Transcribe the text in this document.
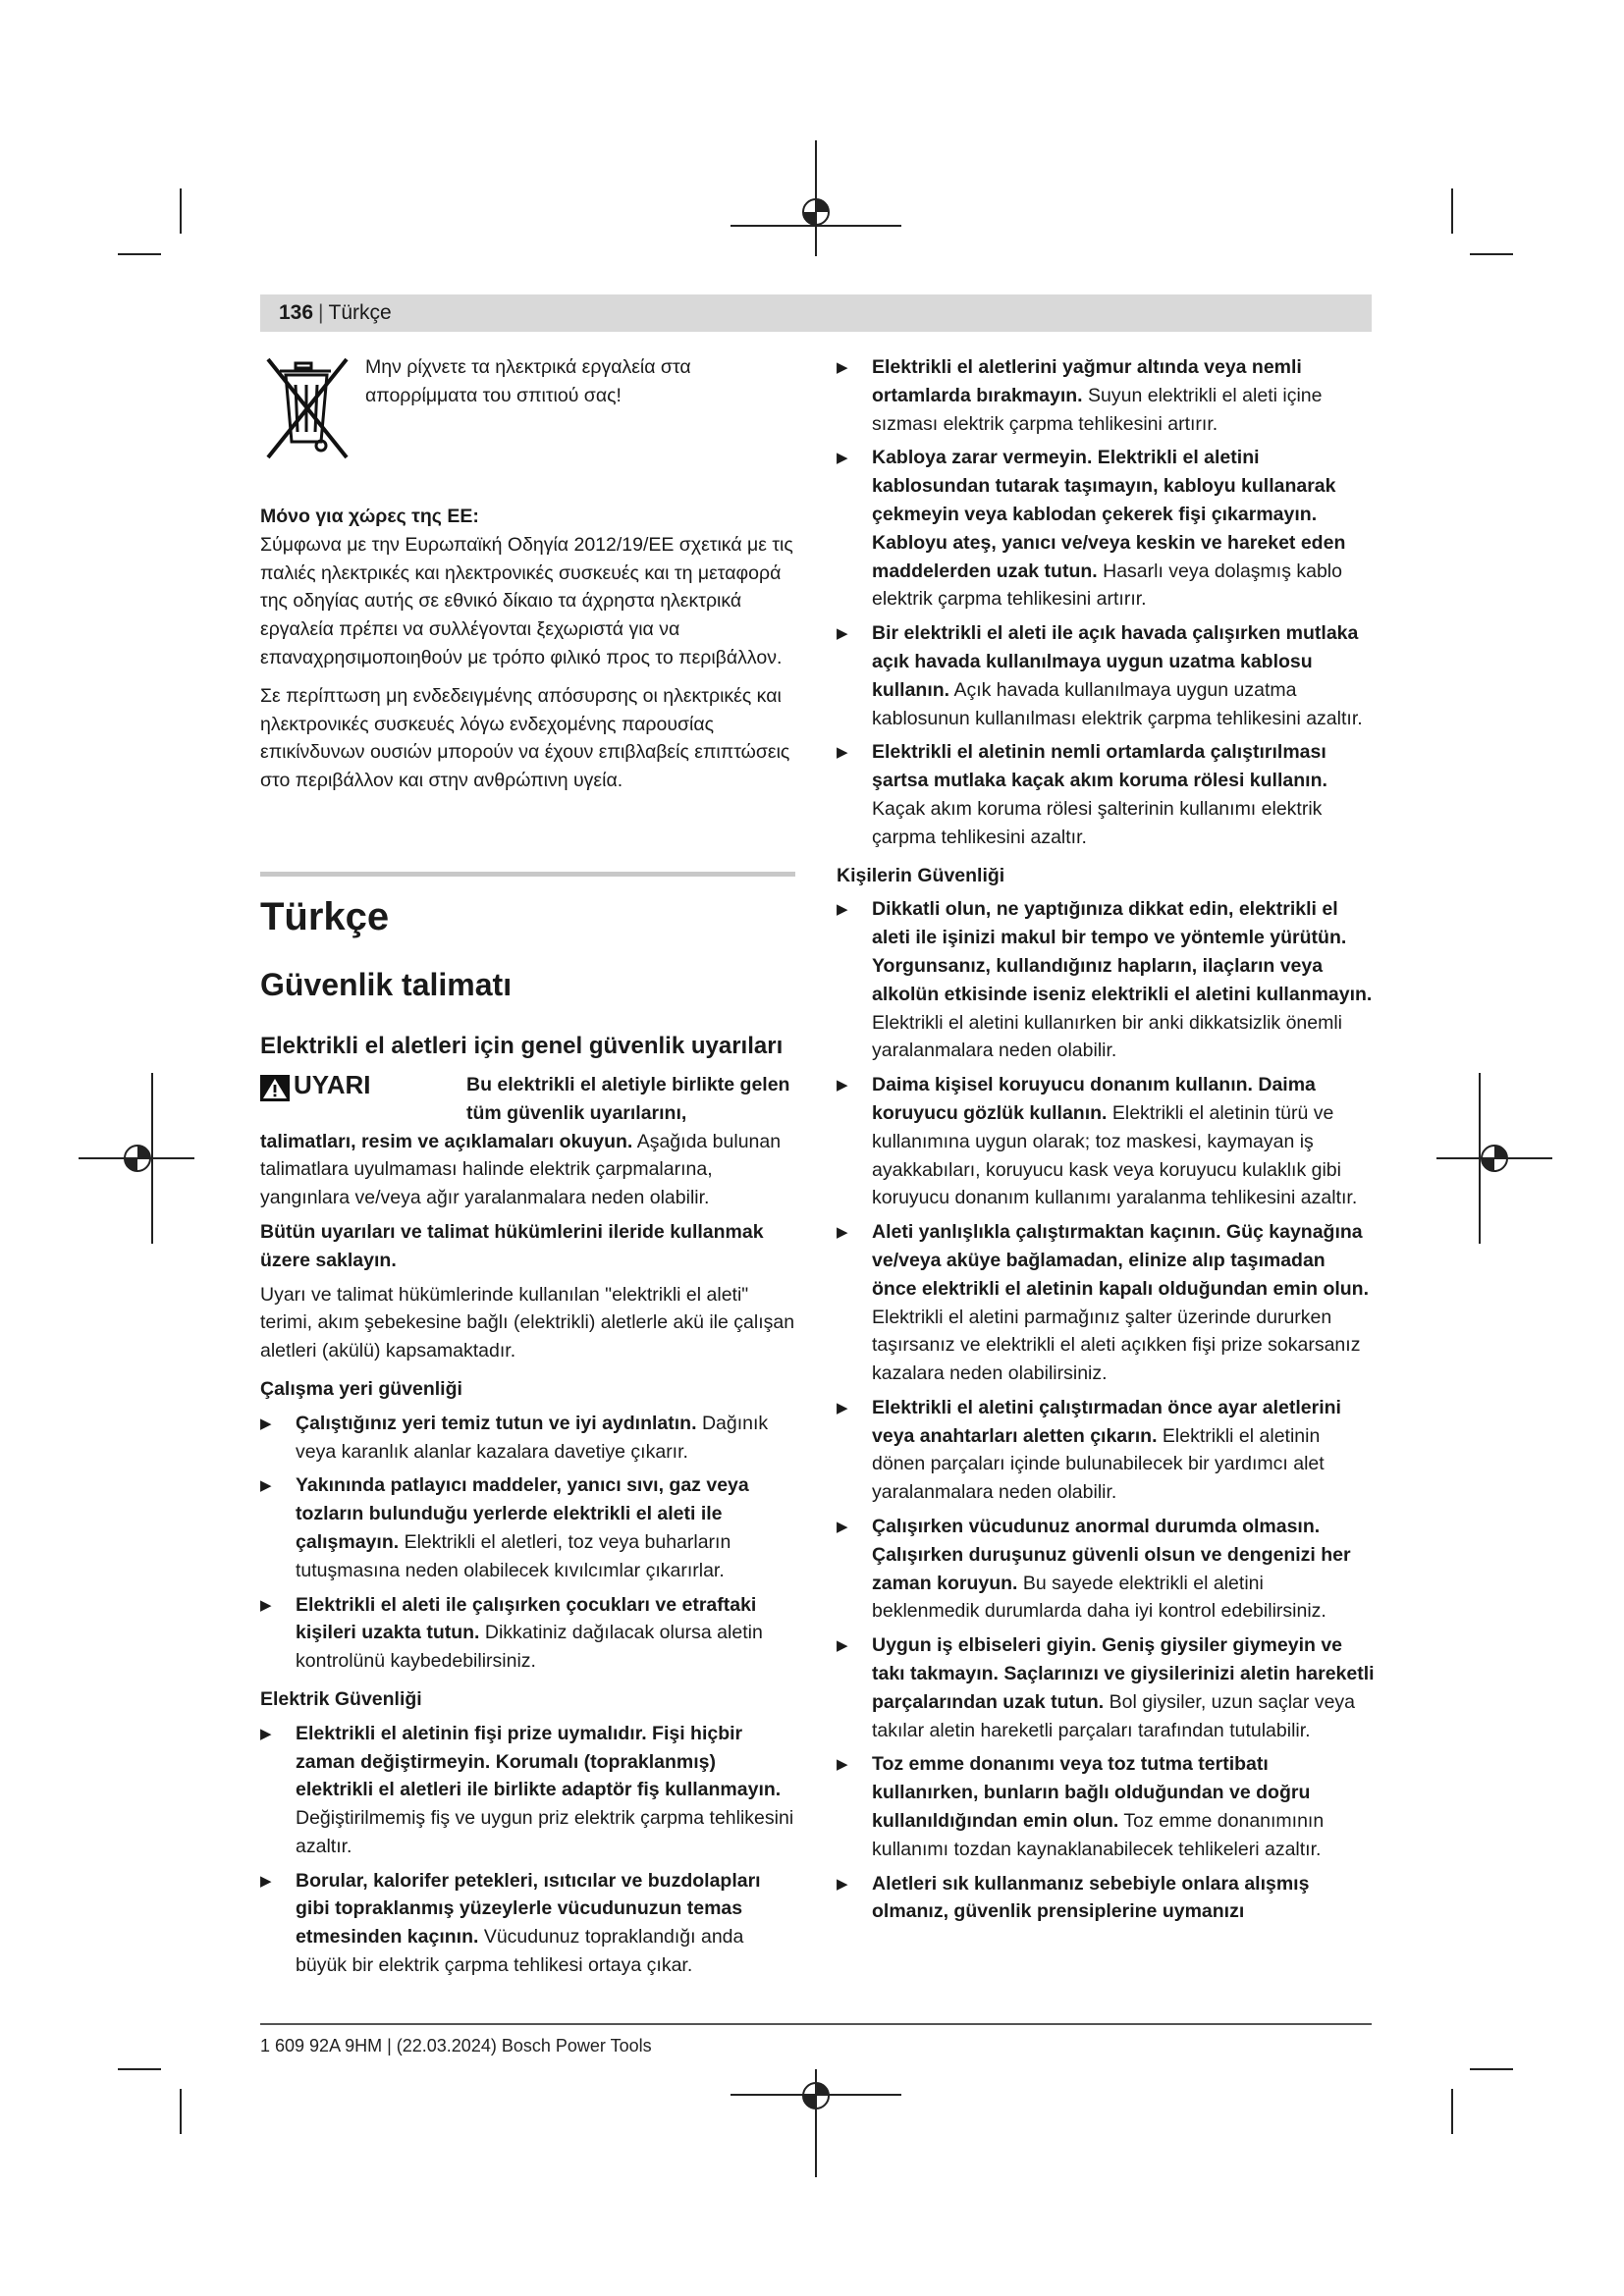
136 | Türkçe

Μην ρίχνετε τα ηλεκτρικά εργαλεία στα απορρίμματα του σπιτιού σας!

Μόνο για χώρες της ΕΕ:

Σύμφωνα με την Ευρωπαϊκή Οδηγία 2012/19/ΕΕ σχετικά με τις παλιές ηλεκτρικές και ηλεκτρονικές συσκευές και τη μεταφορά της οδηγίας αυτής σε εθνικό δίκαιο τα άχρηστα ηλεκτρικά εργαλεία πρέπει να συλλέγονται ξεχωριστά για να επαναχρησιμοποιηθούν με τρόπο φιλικό προς το περιβάλλον.

Σε περίπτωση μη ενδεδειγμένης απόσυρσης οι ηλεκτρικές και ηλεκτρονικές συσκευές λόγω ενδεχομένης παρουσίας επικίνδυνων ουσιών μπορούν να έχουν επιβλαβείς επιπτώσεις στο περιβάλλον και στην ανθρώπινη υγεία.

Türkçe
Güvenlik talimatı
Elektrikli el aletleri için genel güvenlik uyarıları
UYARI	Bu elektrikli el aletiyle birlikte gelen tüm güvenlik uyarılarını,

talimatları, resim ve açıklamaları okuyun. Aşağıda bulunan talimatlara uyulmaması halinde elektrik çarpmalarına, yangınlara ve/veya ağır yaralanmalara neden olabilir.

Bütün uyarıları ve talimat hükümlerini ileride kullanmak üzere saklayın.

Uyarı ve talimat hükümlerinde kullanılan "elektrikli el aleti" terimi, akım şebekesine bağlı (elektrikli) aletlerle akü ile çalışan aletleri (akülü) kapsamaktadır.

Çalışma yeri güvenliği

▶	Çalıştığınız yeri temiz tutun ve iyi aydınlatın. Dağınık veya karanlık alanlar kazalara davetiye çıkarır.
▶	Yakınında patlayıcı maddeler, yanıcı sıvı, gaz veya tozların bulunduğu yerlerde elektrikli el aleti ile çalışmayın. Elektrikli el aletleri, toz veya buharların tutuşmasına neden olabilecek kıvılcımlar çıkarırlar.
▶	Elektrikli el aleti ile çalışırken çocukları ve etraftaki kişileri uzakta tutun. Dikkatiniz dağılacak olursa aletin kontrolünü kaybedebilirsiniz.

Elektrik Güvenliği

▶	Elektrikli el aletinin fişi prize uymalıdır. Fişi hiçbir zaman değiştirmeyin. Korumalı (topraklanmış) elektrikli el aletleri ile birlikte adaptör fiş kullanmayın. Değiştirilmemiş fiş ve uygun priz elektrik çarpma tehlikesini azaltır.
▶	Borular, kalorifer petekleri, ısıtıcılar ve buzdolapları gibi topraklanmış yüzeylerle vücudunuzun temas etmesinden kaçının. Vücudunuz topraklandığı anda büyük bir elektrik çarpma tehlikesi ortaya çıkar.
▶	Elektrikli el aletlerini yağmur altında veya nemli ortamlarda bırakmayın. Suyun elektrikli el aleti içine sızması elektrik çarpma tehlikesini artırır.
▶	Kabloya zarar vermeyin. Elektrikli el aletini kablosundan tutarak taşımayın, kabloyu kullanarak çekmeyin veya kablodan çekerek fişi çıkarmayın. Kabloyu ateş, yanıcı ve/veya keskin ve hareket eden maddelerden uzak tutun. Hasarlı veya dolaşmış kablo elektrik çarpma tehlikesini artırır.
▶	Bir elektrikli el aleti ile açık havada çalışırken mutlaka açık havada kullanılmaya uygun uzatma kablosu kullanın. Açık havada kullanılmaya uygun uzatma kablosunun kullanılması elektrik çarpma tehlikesini azaltır.
▶	Elektrikli el aletinin nemli ortamlarda çalıştırılması şartsa mutlaka kaçak akım koruma rölesi kullanın. Kaçak akım koruma rölesi şalterinin kullanımı elektrik çarpma tehlikesini azaltır.

Kişilerin Güvenliği

▶	Dikkatli olun, ne yaptığınıza dikkat edin, elektrikli el aleti ile işinizi makul bir tempo ve yöntemle yürütün. Yorgunsanız, kullandığınız hapların, ilaçların veya alkolün etkisinde iseniz elektrikli el aletini kullanmayın. Elektrikli el aletini kullanırken bir anki dikkatsizlik önemli yaralanmalara neden olabilir.
▶	Daima kişisel koruyucu donanım kullanın. Daima koruyucu gözlük kullanın. Elektrikli el aletinin türü ve kullanımına uygun olarak; toz maskesi, kaymayan iş ayakkabıları, koruyucu kask veya koruyucu kulaklık gibi koruyucu donanım kullanımı yaralanma tehlikesini azaltır.
▶	Aleti yanlışlıkla çalıştırmaktan kaçının. Güç kaynağına ve/veya aküye bağlamadan, elinize alıp taşımadan önce elektrikli el aletinin kapalı olduğundan emin olun. Elektrikli el aletini parmağınız şalter üzerinde dururken taşırsanız ve elektrikli el aleti açıkken fişi prize sokarsanız kazalara neden olabilirsiniz.
▶	Elektrikli el aletini çalıştırmadan önce ayar aletlerini veya anahtarları aletten çıkarın. Elektrikli el aletinin dönen parçaları içinde bulunabilecek bir yardımcı alet yaralanmalara neden olabilir.
▶	Çalışırken vücudunuz anormal durumda olmasın. Çalışırken duruşunuz güvenli olsun ve dengenizi her zaman koruyun. Bu sayede elektrikli el aletini beklenmedik durumlarda daha iyi kontrol edebilirsiniz.
▶	Uygun iş elbiseleri giyin. Geniş giysiler giymeyin ve takı takmayın. Saçlarınızı ve giysilerinizi aletin hareketli parçalarından uzak tutun. Bol giysiler, uzun saçlar veya takılar aletin hareketli parçaları tarafından tutulabilir.
▶	Toz emme donanımı veya toz tutma tertibatı kullanırken, bunların bağlı olduğundan ve doğru kullanıldığından emin olun. Toz emme donanımının kullanımı tozdan kaynaklanabilecek tehlikeleri azaltır.
▶	Aletleri sık kullanmanız sebebiyle onlara alışmış olmanız, güvenlik prensiplerine uymanızı
1 609 92A 9HM | (22.03.2024) Bosch Power Tools
